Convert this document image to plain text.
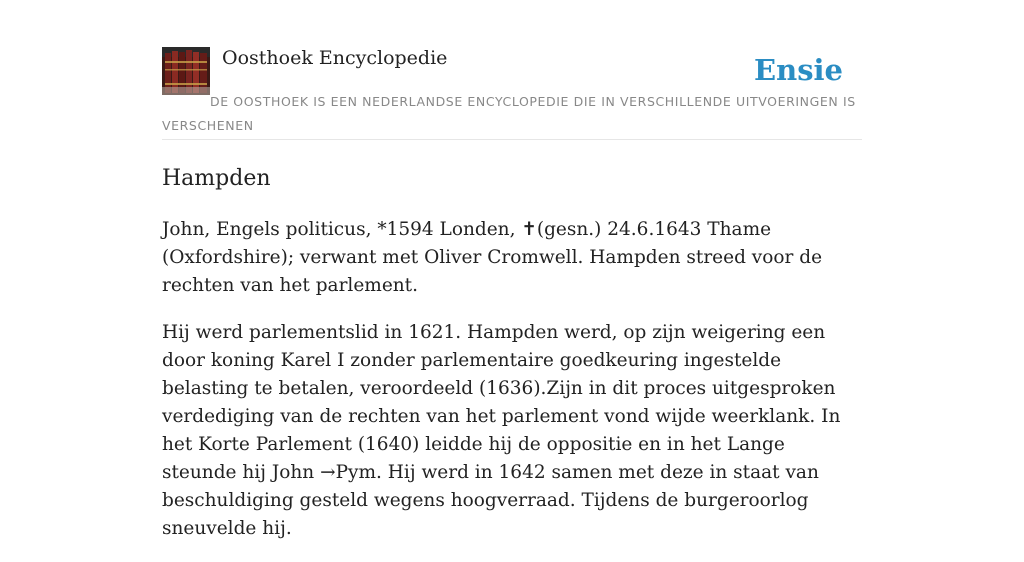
Oosthoek Encyclopedie	Ensie

DE OOSTHOEK IS EEN NEDERLANDSE ENCYCLOPEDIE DIE IN VERSCHILLENDE UITVOERINGEN IS VERSCHENEN

Hampden

John, Engels politicus, *1594 Londen, ✝(gesn.) 24.6.1643 Thame (Oxfordshire); verwant met Oliver Cromwell. Hampden streed voor de rechten van het parlement.

Hij werd parlementslid in 1621. Hampden werd, op zijn weigering een door koning Karel I zonder parlementaire goedkeuring ingestelde belasting te betalen, veroordeeld (1636).Zijn in dit proces uitgesproken verdediging van de rechten van het parlement vond wijde weerklank. In het Korte Parlement (1640) leidde hij de oppositie en in het Lange steunde hij John →Pym. Hij werd in 1642 samen met deze in staat van beschuldiging gesteld wegens hoogverraad. Tijdens de burgeroorlog sneuvelde hij.
